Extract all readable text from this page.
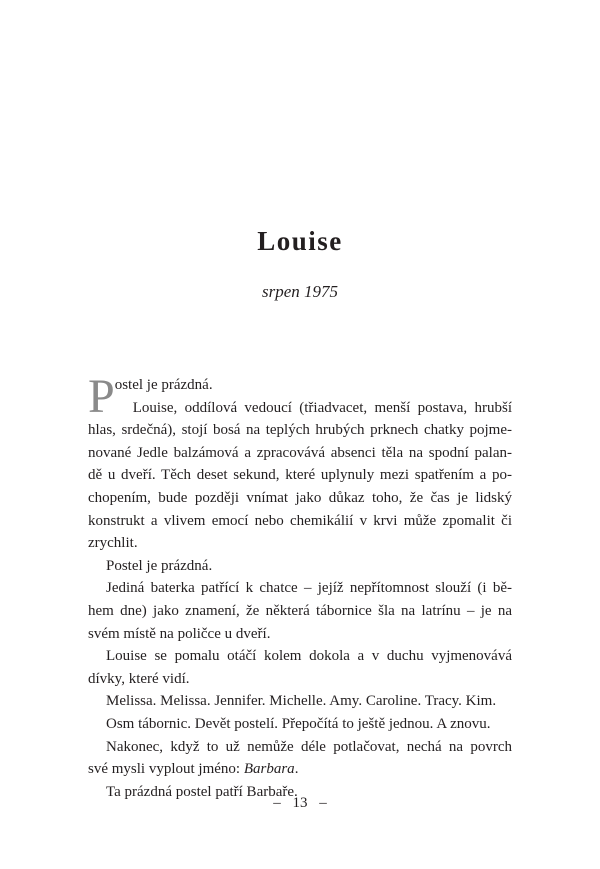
Louise
srpen 1975
P ostel je prázdná.
Louise, oddílová vedoucí (třiadvacet, menší postava, hrubší
hlas, srdečná), stojí bosá na teplých hrubých prknech chatky pojme-
nované Jedle balzámová a zpracovává absenci těla na spodní palan-
dě u dveří. Těch deset sekund, které uplynuly mezi spatřením a po-
chopením, bude později vnímat jako důkaz toho, že čas je lidský
konstrukt a vlivem emocí nebo chemikálií v krvi může zpomalit či
zrychlit.
Postel je prázdná.
Jediná baterka patřící k chatce – jejíž nepřítomnost slouží (i bě-
hem dne) jako znamení, že některá tábornice šla na latrínu – je na
svém místě na poličce u dveří.
Louise se pomalu otáčí kolem dokola a v duchu vyjmenovává
dívky, které vidí.
Melissa. Melissa. Jennifer. Michelle. Amy. Caroline. Tracy. Kim.
Osm tábornic. Devět postelí. Přepočítá to ještě jednou. A znovu.
Nakonec, když to už nemůže déle potlačovat, nechá na povrch
své mysli vyplout jméno: Barbara.
Ta prázdná postel patří Barbaře.
– 13 –
